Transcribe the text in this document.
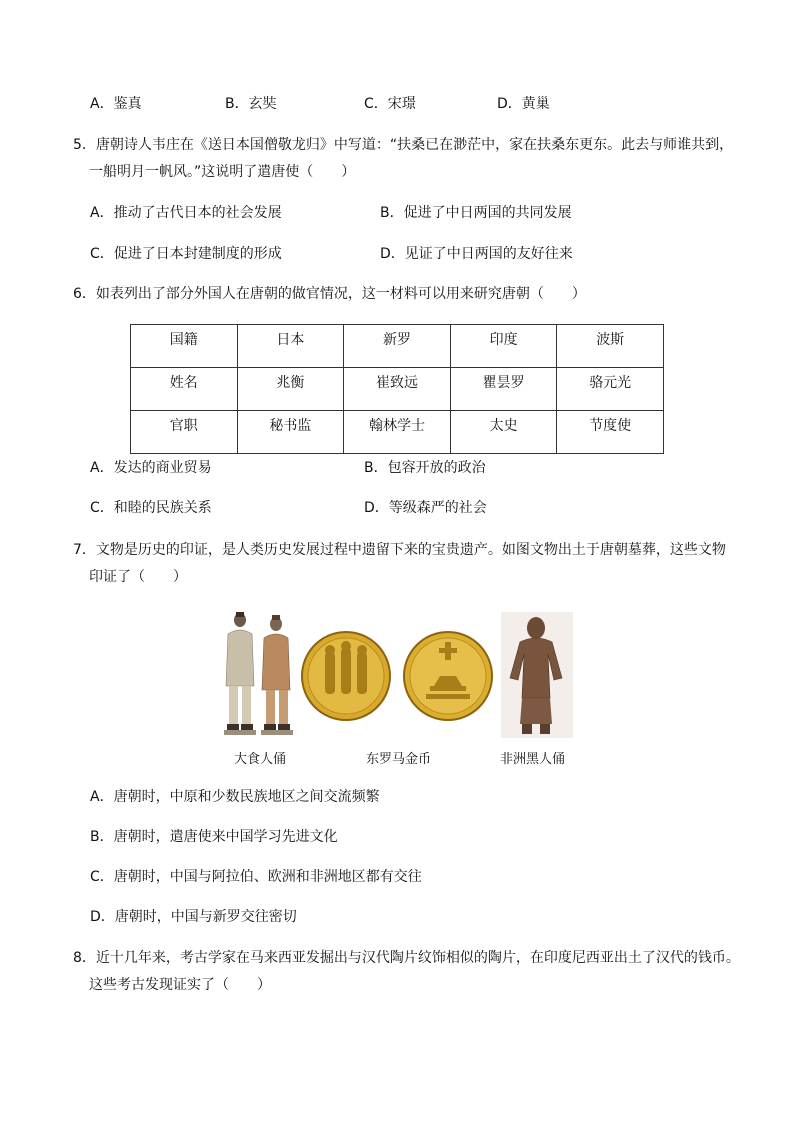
A．鉴真	B．玄奘	C．宋璟	D．黄巢
5．唐朝诗人韦庄在《送日本国僧敬龙归》中写道：“扶桑已在渺茫中，家在扶桑东更东。此去与师谁共到，
一船明月一帆风。”这说明了遣唐使（　　）
A．推动了古代日本的社会发展	B．促进了中日两国的共同发展
C．促进了日本封建制度的形成	D．见证了中日两国的友好往来
6．如表列出了部分外国人在唐朝的做官情况，这一材料可以用来研究唐朝（　　）
国籍	日本	新罗	印度	波斯
姓名	兆衡	崔致远	瞿昙罗	骆元光
官职	秘书监	翰林学士	太史	节度使
A．发达的商业贸易	B．包容开放的政治
C．和睦的民族关系	D．等级森严的社会
7．文物是历史的印证，是人类历史发展过程中遗留下来的宝贵遗产。如图文物出土于唐朝墓葬，这些文物
印证了（　　）
大食人俑	东罗马金币	非洲黑人俑
A．唐朝时，中原和少数民族地区之间交流频繁
B．唐朝时，遣唐使来中国学习先进文化
C．唐朝时，中国与阿拉伯、欧洲和非洲地区都有交往
D．唐朝时，中国与新罗交往密切
8．近十几年来，考古学家在马来西亚发掘出与汉代陶片纹饰相似的陶片，在印度尼西亚出土了汉代的钱币。
这些考古发现证实了（　　）
